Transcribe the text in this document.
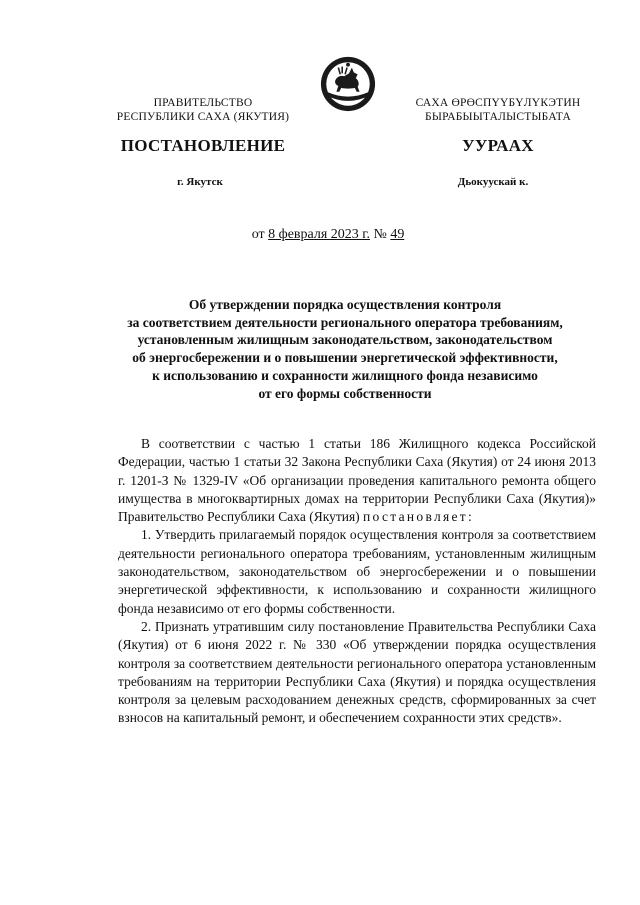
ПРАВИТЕЛЬСТВО
РЕСПУБЛИКИ САХА (ЯКУТИЯ)
САХА ӨРӨСПҮҮБҮЛҮКЭТИН
БЫРАБЫЫТАЛЫСТЫБАТА
ПОСТАНОВЛЕНИЕ	УУРААХ
г. Якутск	Дьокуускай к.
от 8 февраля 2023 г. № 49
Об утверждении порядка осуществления контроля
за соответствием деятельности регионального оператора требованиям,
установленным жилищным законодательством, законодательством
об энергосбережении и о повышении энергетической эффективности,
к использованию и сохранности жилищного фонда независимо
от его формы собственности

В соответствии с частью 1 статьи 186 Жилищного кодекса Российской Федерации, частью 1 статьи 32 Закона Республики Саха (Якутия) от 24 июня 2013 г. 1201-З № 1329-IV «Об организации проведения капитального ремонта общего имущества в многоквартирных домах на территории Республики Саха (Якутия)» Правительство Республики Саха (Якутия) постановляет:

1. Утвердить прилагаемый порядок осуществления контроля за соответствием деятельности регионального оператора требованиям, установленным жилищным законодательством, законодательством об энергосбережении и о повышении энергетической эффективности, к использованию и сохранности жилищного фонда независимо от его формы собственности.

2. Признать утратившим силу постановление Правительства Республики Саха (Якутия) от 6 июня 2022 г. № 330 «Об утверждении порядка осуществления контроля за соответствием деятельности регионального оператора установленным требованиям на территории Республики Саха (Якутия) и порядка осуществления контроля за целевым расходованием денежных средств, сформированных за счет взносов на капитальный ремонт, и обеспечением сохранности этих средств».
